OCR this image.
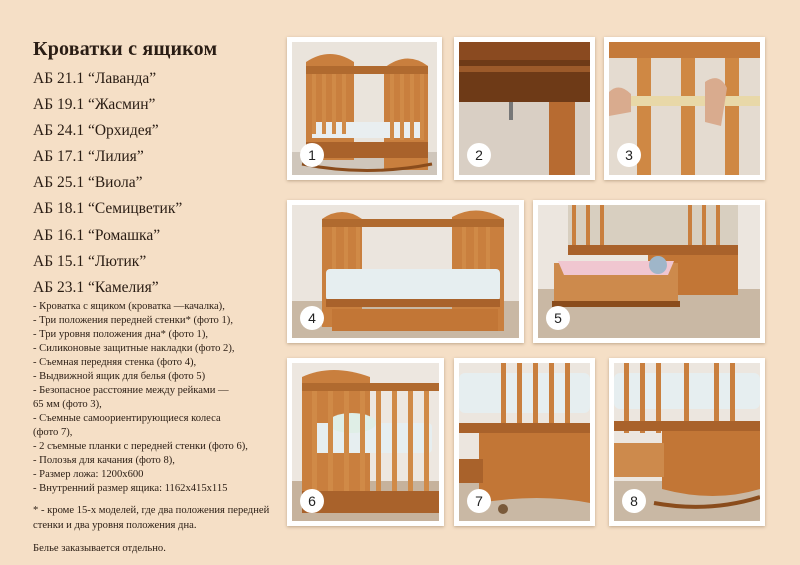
Кроватки с ящиком
АБ 21.1 “Лаванда”
АБ 19.1 “Жасмин”
АБ 24.1 “Орхидея”
АБ 17.1 “Лилия”
АБ 25.1 “Виола”
АБ 18.1 “Семицветик”
АБ 16.1 “Ромашка”
АБ 15.1 “Лютик”
АБ 23.1 “Камелия”
- Кроватка с ящиком (кроватка —качалка),
- Три положения передней стенки* (фото 1),
- Три уровня положения дна* (фото 1),
- Силиконовые защитные накладки (фото 2),
- Съемная передняя стенка (фото 4),
- Выдвижной ящик для белья (фото 5)
- Безопасное расстояние между рейками —
65 мм (фото 3),
- Съемные самоориентирующиеся колеса
(фото 7),
- 2 съемные планки с передней стенки (фото 6),
- Полозья для качания (фото 8),
- Размер ложа: 1200x600
- Внутренний размер ящика: 1162x415x115
* - кроме 15-х моделей, где два положения передней стенки и два уровня положения дна.
Белье заказывается отдельно.
1	2	3
4	5
6	7	8
